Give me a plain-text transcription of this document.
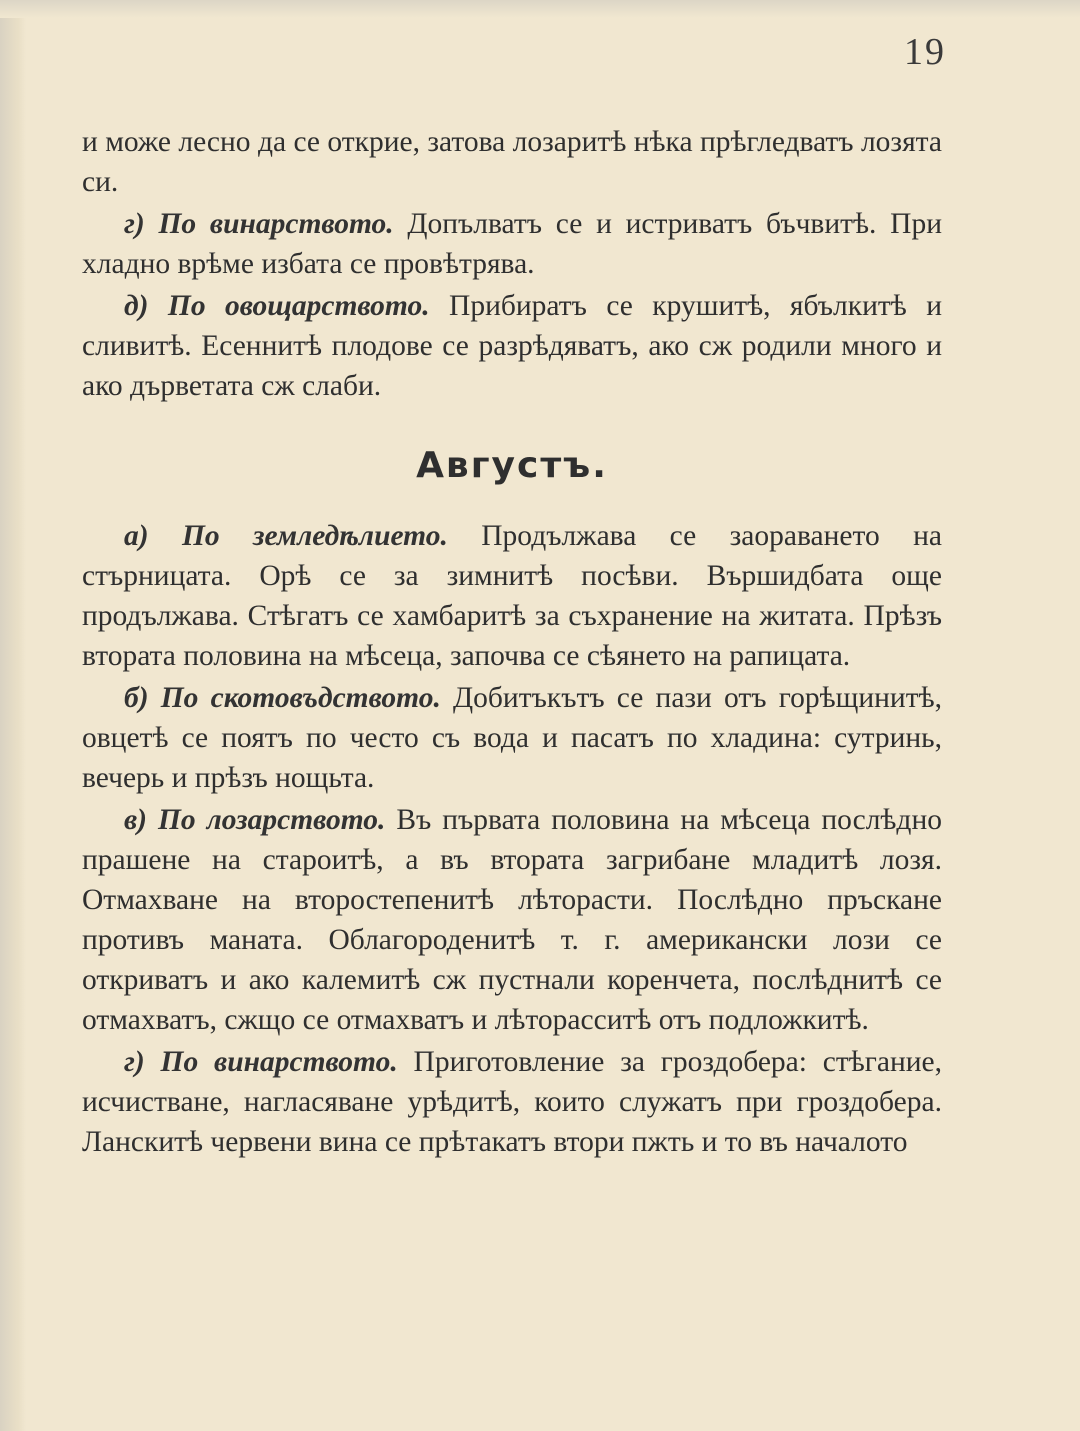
19

и може лесно да се открие, затова лозаритѣ нѣка прѣгледватъ лозята си.

г) По винарството. Допълватъ се и истриватъ бъчвитѣ. При хладно врѣме избата се провѣтрява.

д) По овощарството. Прибиратъ се крушитѣ, ябълкитѣ и сливитѣ. Есеннитѣ плодове се разрѣдяватъ, ако сж родили много и ако дърветата сж слаби.

Августъ.

а) По земледѣлието. Продължава се заораването на стърницата. Орѣ се за зимнитѣ посѣви. Вършидбата още продължава. Стѣгатъ се хамбаритѣ за съхранение на житата. Прѣзъ втората половина на мѣсеца, започва се сѣянето на рапицата.

б) По скотовъдството. Добитъкътъ се пази отъ горѣщинитѣ, овцетѣ се поятъ по често съ вода и пасатъ по хладина: сутринь, вечерь и прѣзъ нощьта.

в) По лозарството. Въ първата половина на мѣсеца послѣдно прашене на староитѣ, а въ втората загрибане младитѣ лозя. Отмахване на второстепенитѣ лѣторасти. Послѣдно пръскане противъ маната. Облагороденитѣ т. г. американски лози се откриватъ и ако калемитѣ сж пустнали коренчета, послѣднитѣ се отмахватъ, сжщо се отмахватъ и лѣторасситѣ отъ подложкитѣ.

г) По винарството. Приготовление за гроздобера: стѣгание, исчистване, нагласяване урѣдитѣ, които служатъ при гроздобера. Ланскитѣ червени вина се прѣтакатъ втори пжть и то въ началото
